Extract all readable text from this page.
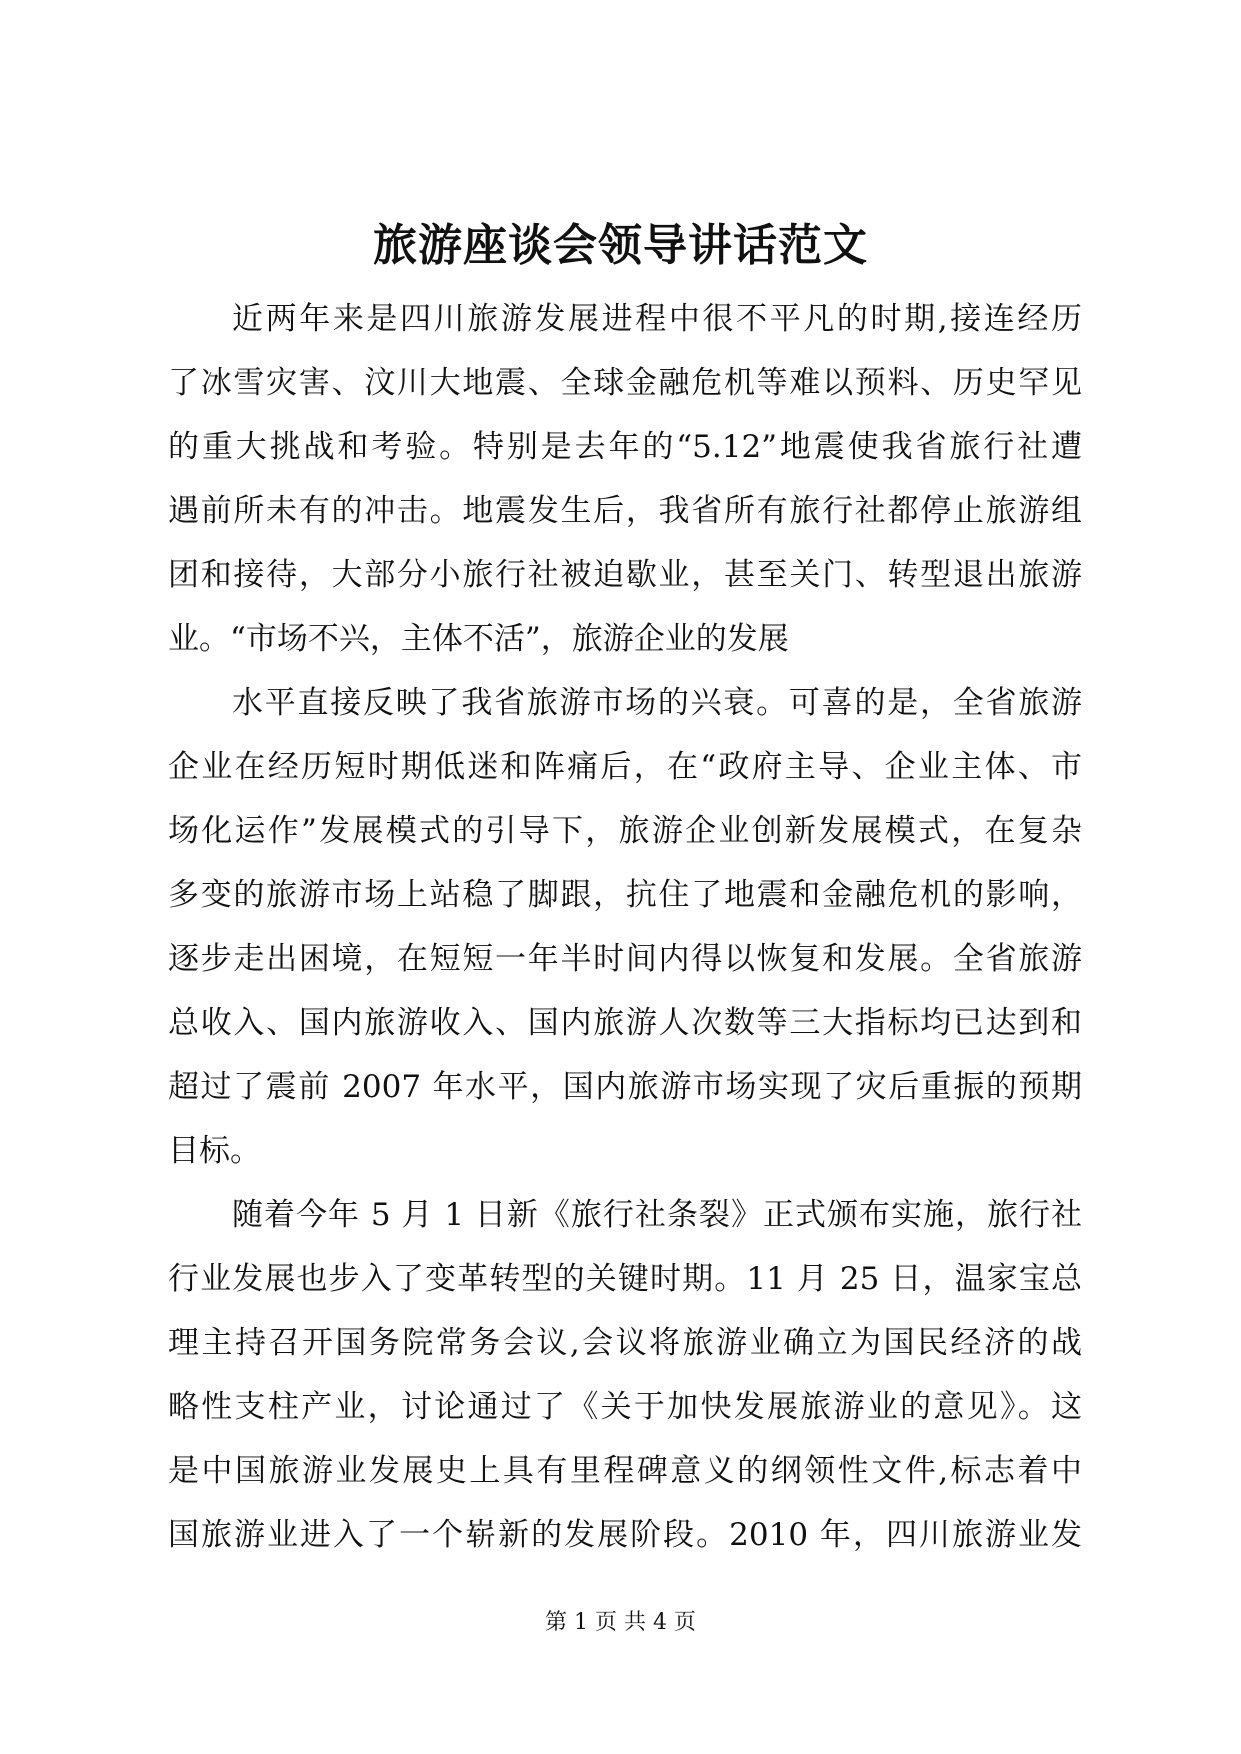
旅游座谈会领导讲话范文
近两年来是四川旅游发展进程中很不平凡的时期,接连经历
了冰雪灾害、汶川大地震、全球金融危机等难以预料、历史罕见
的重大挑战和考验。特别是去年的“5.12”地震使我省旅行社遭
遇前所未有的冲击。地震发生后，我省所有旅行社都停止旅游组
团和接待，大部分小旅行社被迫歇业，甚至关门、转型退出旅游
业。“市场不兴，主体不活”，旅游企业的发展
水平直接反映了我省旅游市场的兴衰。可喜的是，全省旅游
企业在经历短时期低迷和阵痛后，在“政府主导、企业主体、市
场化运作”发展模式的引导下，旅游企业创新发展模式，在复杂
多变的旅游市场上站稳了脚跟，抗住了地震和金融危机的影响，
逐步走出困境，在短短一年半时间内得以恢复和发展。全省旅游
总收入、国内旅游收入、国内旅游人次数等三大指标均已达到和
超过了震前 2007 年水平，国内旅游市场实现了灾后重振的预期
目标。
随着今年 5 月 1 日新《旅行社条裂》正式颁布实施，旅行社
行业发展也步入了变革转型的关键时期。11 月 25 日，温家宝总
理主持召开国务院常务会议,会议将旅游业确立为国民经济的战
略性支柱产业，讨论通过了《关于加快发展旅游业的意见》。这
是中国旅游业发展史上具有里程碑意义的纲领性文件,标志着中
国旅游业进入了一个崭新的发展阶段。2010 年，四川旅游业发
第 1 页 共 4 页
